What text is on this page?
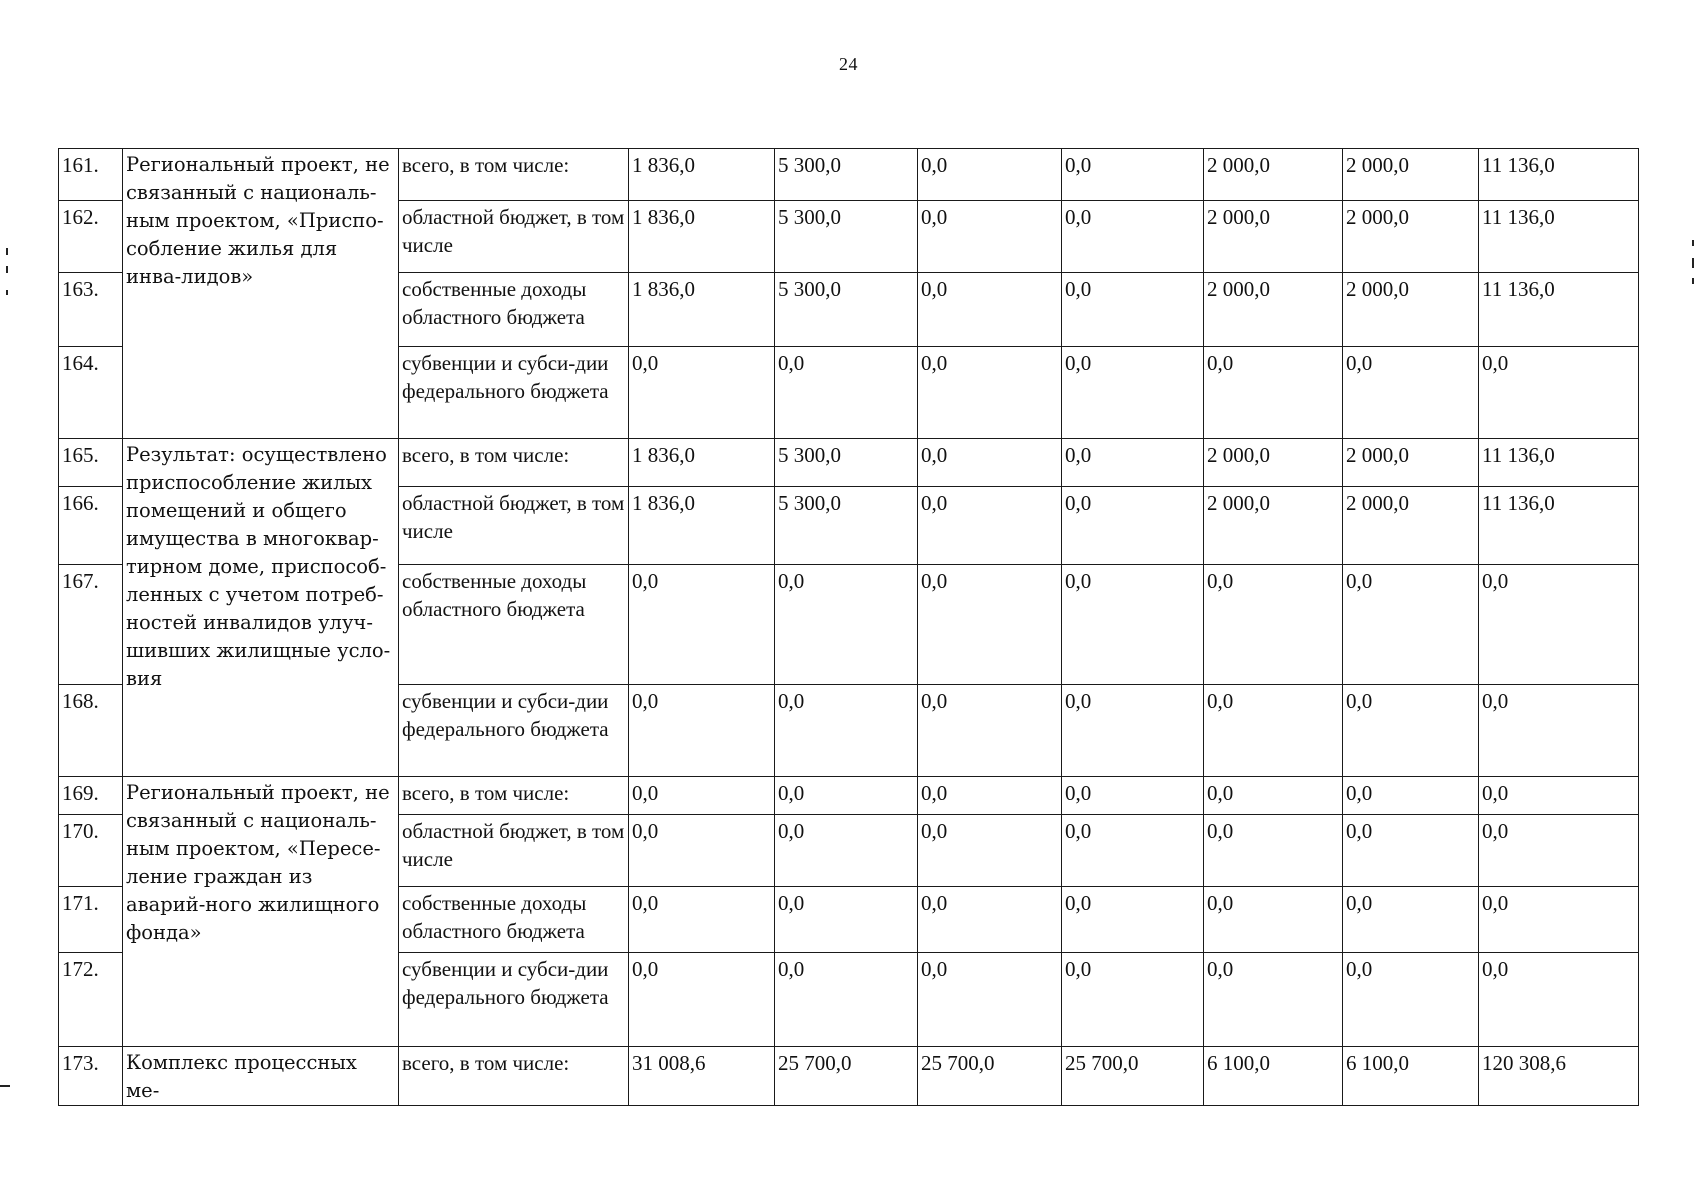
24
161.	Региональный проект, не связанный с националь-ным проектом, «Приспо-собление жилья для инва-лидов»	всего, в том числе:	1 836,0	5 300,0	0,0	0,0	2 000,0	2 000,0	11 136,0
162.		областной бюджет, в том числе	1 836,0	5 300,0	0,0	0,0	2 000,0	2 000,0	11 136,0
163.		собственные доходы областного бюджета	1 836,0	5 300,0	0,0	0,0	2 000,0	2 000,0	11 136,0
164.		субвенции и субси-дии федерального бюджета	0,0	0,0	0,0	0,0	0,0	0,0	0,0
165.	Результат: осуществлено приспособление жилых помещений и общего имущества в многоквар-тирном доме, приспособ-ленных с учетом потреб-ностей инвалидов улуч-шивших жилищные усло-вия	всего, в том числе:	1 836,0	5 300,0	0,0	0,0	2 000,0	2 000,0	11 136,0
166.		областной бюджет, в том числе	1 836,0	5 300,0	0,0	0,0	2 000,0	2 000,0	11 136,0
167.		собственные доходы областного бюджета	0,0	0,0	0,0	0,0	0,0	0,0	0,0
168.		субвенции и субси-дии федерального бюджета	0,0	0,0	0,0	0,0	0,0	0,0	0,0
169.	Региональный проект, не связанный с националь-ным проектом, «Пересе-ление граждан из аварий-ного жилищного фонда»	всего, в том числе:	0,0	0,0	0,0	0,0	0,0	0,0	0,0
170.		областной бюджет, в том числе	0,0	0,0	0,0	0,0	0,0	0,0	0,0
171.		собственные доходы областного бюджета	0,0	0,0	0,0	0,0	0,0	0,0	0,0
172.		субвенции и субси-дии федерального бюджета	0,0	0,0	0,0	0,0	0,0	0,0	0,0
173.	Комплекс процессных ме-	всего, в том числе:	31 008,6	25 700,0	25 700,0	25 700,0	6 100,0	6 100,0	120 308,6
